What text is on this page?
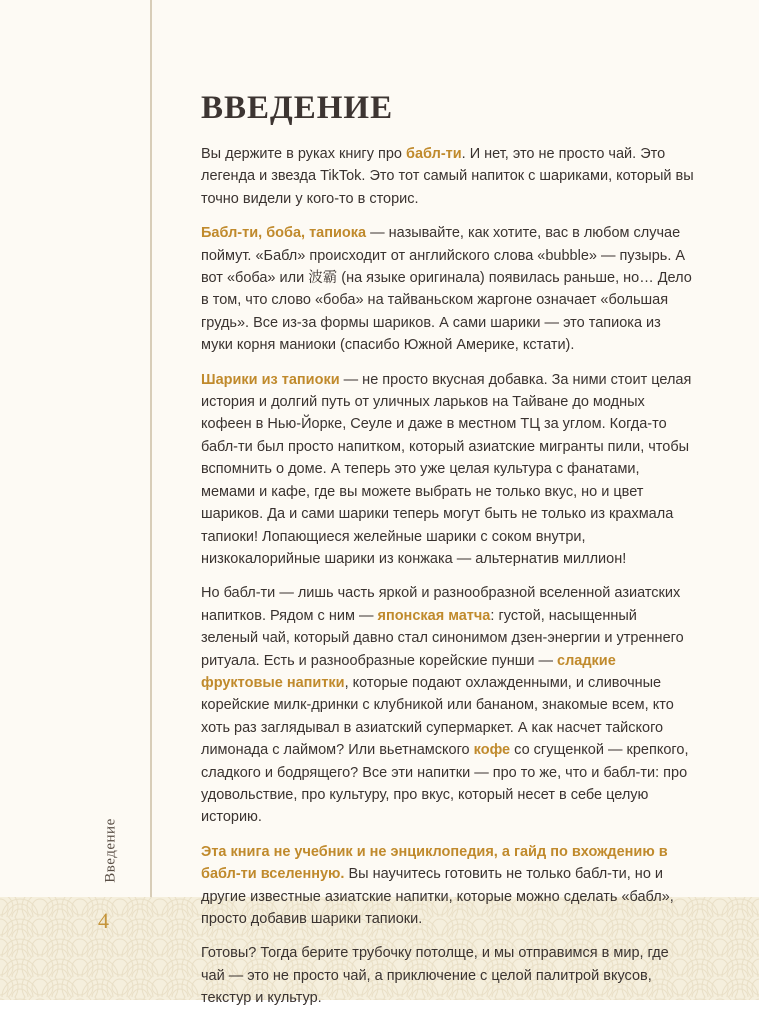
Введение
4
ВВЕДЕНИЕ

Вы держите в руках книгу про бабл-ти. И нет, это не просто чай. Это легенда и звезда TikTok. Это тот самый напиток с шариками, который вы точно видели у кого-то в сторис.

Бабл-ти, боба, тапиока — называйте, как хотите, вас в любом случае поймут. «Бабл» происходит от английского слова «bubble» — пузырь. А вот «боба» или 波霸 (на языке оригинала) появилась раньше, но… Дело в том, что слово «боба» на тайваньском жаргоне означает «большая грудь». Все из-за формы шариков. А сами шарики — это тапиока из муки корня маниоки (спасибо Южной Америке, кстати).

Шарики из тапиоки — не просто вкусная добавка. За ними стоит целая история и долгий путь от уличных ларьков на Тайване до модных кофеен в Нью-Йорке, Сеуле и даже в местном ТЦ за углом. Когда-то бабл-ти был просто напитком, который азиатские мигранты пили, чтобы вспомнить о доме. А теперь это уже целая культура с фанатами, мемами и кафе, где вы можете выбрать не только вкус, но и цвет шариков. Да и сами шарики теперь могут быть не только из крахмала тапиоки! Лопающиеся желейные шарики с соком внутри, низкокалорийные шарики из конжака — альтернатив миллион!

Но бабл-ти — лишь часть яркой и разнообразной вселенной азиатских напитков. Рядом с ним — японская матча: густой, насыщенный зеленый чай, который давно стал синонимом дзен-энергии и утреннего ритуала. Есть и разнообразные корейские пунши — сладкие фруктовые напитки, которые подают охлажденными, и сливочные корейские милк-дринки с клубникой или бананом, знакомые всем, кто хоть раз заглядывал в азиатский супермаркет. А как насчет тайского лимонада с лаймом? Или вьетнамского кофе со сгущенкой — крепкого, сладкого и бодрящего? Все эти напитки — про то же, что и бабл-ти: про удовольствие, про культуру, про вкус, который несет в себе целую историю.

Эта книга не учебник и не энциклопедия, а гайд по вхождению в бабл-ти вселенную. Вы научитесь готовить не только бабл-ти, но и другие известные азиатские напитки, которые можно сделать «бабл», просто добавив шарики тапиоки.

Готовы? Тогда берите трубочку потолще, и мы отправимся в мир, где чай — это не просто чай, а приключение с целой палитрой вкусов, текстур и культур.
